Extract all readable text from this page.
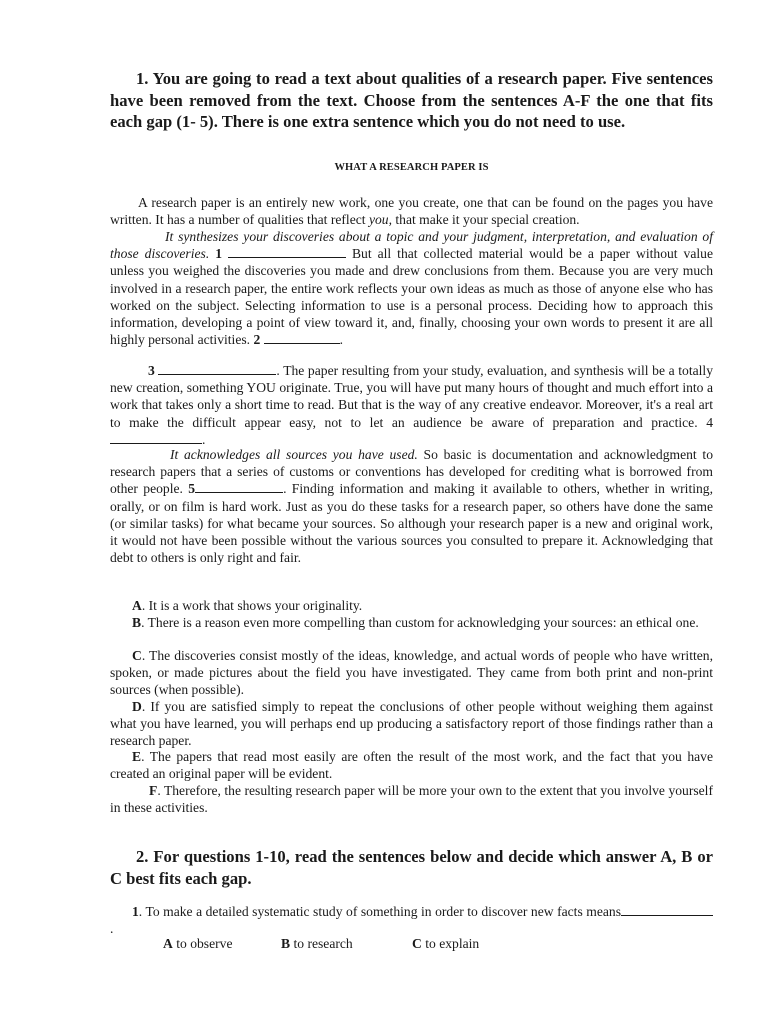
1. You are going to read a text about qualities of a research paper. Five sentences have been removed from the text. Choose from the sentences A-F the one that fits each gap (1- 5). There is one extra sentence which you do not need to use.

WHAT A RESEARCH PAPER IS

A research paper is an entirely new work, one you create, one that can be found on the pages you have written. It has a number of qualities that reflect you, that make it your special creation.

It synthesizes your discoveries about a topic and your judgment, interpretation, and evaluation of those discoveries. 1	But all that collected material would be a paper without value unless you weighed the discoveries you made and drew conclusions from them. Because you are very much involved in a research paper, the entire work reflects your own ideas as much as those of anyone else who has worked on the subject. Selecting information to use is a personal process. Deciding how to approach this information, developing a point of view toward it, and, finally, choosing your own words to present it are all highly personal activities. 2	.

3	. The paper resulting from your study, evaluation, and synthesis will be a totally new creation, something YOU originate. True, you will have put many hours of thought and much effort into a work that takes only a short time to read. But that is the way of any creative endeavor. Moreover, it's a real art to make the difficult appear easy, not to let an audience be aware of preparation and practice. 4 .

It acknowledges all sources you have used. So basic is documentation and acknowledgment to research papers that a series of customs or conventions has developed for crediting what is borrowed from other people. 5	. Finding information and making it available to others, whether in writing, orally, or on film is hard work. Just as you do these tasks for a research paper, so others have done the same (or similar tasks) for what became your sources. So although your research paper is a new and original work, it would not have been possible without the various sources you consulted to prepare it. Acknowledging that debt to others is only right and fair.

A. It is a work that shows your originality.

B. There is a reason even more compelling than custom for acknowledging your sources: an ethical one.

C. The discoveries consist mostly of the ideas, knowledge, and actual words of people who have written, spoken, or made pictures about the field you have investigated. They came from both print and non-print sources (when possible).

D. If you are satisfied simply to repeat the conclusions of other people without weighing them against what you have learned, you will perhaps end up producing a satisfactory report of those findings rather than a research paper.

E. The papers that read most easily are often the result of the most work, and the fact that you have created an original paper will be evident.

F. Therefore, the resulting research paper will be more your own to the extent that you involve yourself in these activities.

2. For questions 1-10, read the sentences below and decide which answer A, B or C best fits each gap.

1. To make a detailed systematic study of something in order to discover new facts means.

A to observe	B to research	C to explain
